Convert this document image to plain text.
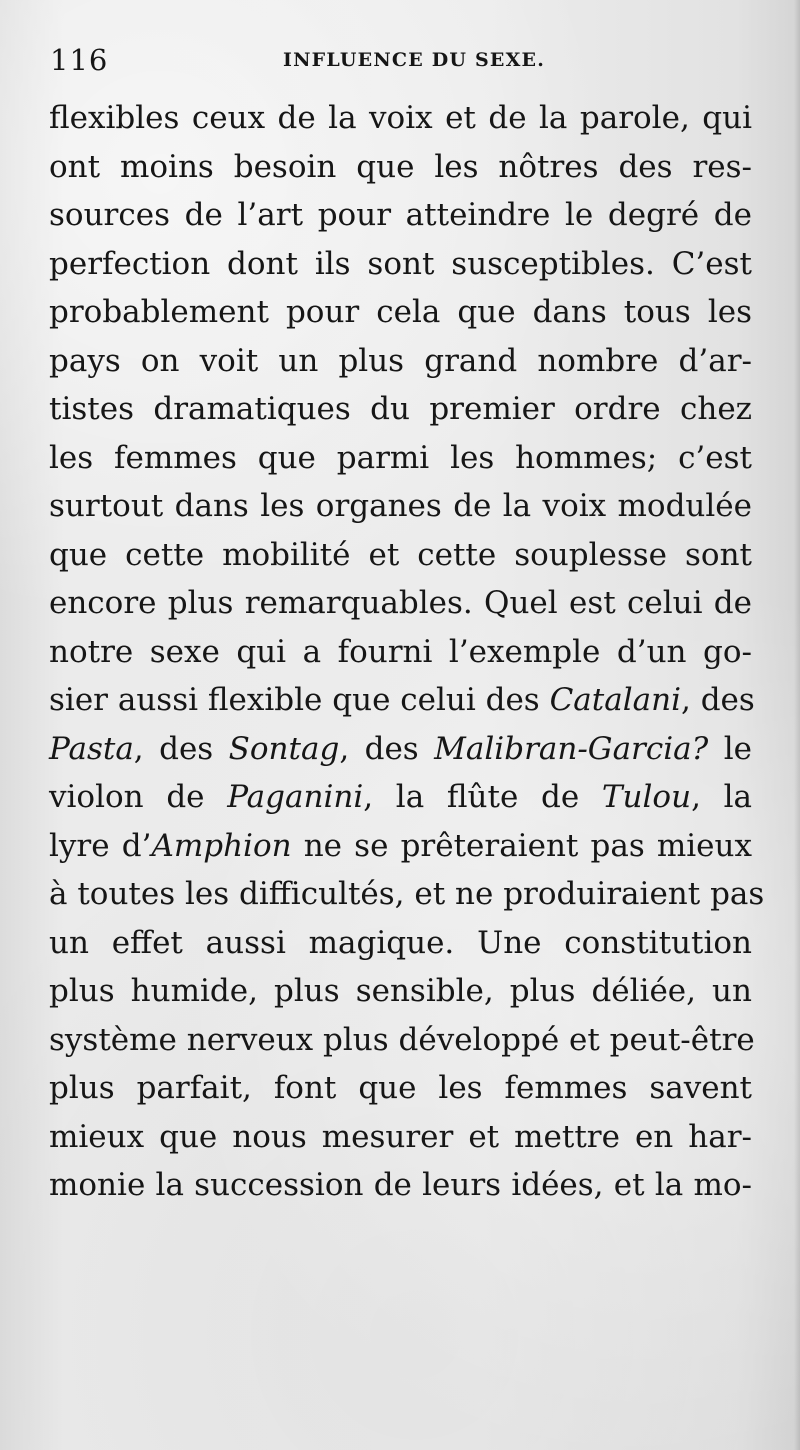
116	INFLUENCE DU SEXE.
flexibles ceux de la voix et de la parole, qui
ont moins besoin que les nôtres des res-
sources de l’art pour atteindre le degré de
perfection dont ils sont susceptibles. C’est
probablement pour cela que dans tous les
pays on voit un plus grand nombre d’ar-
tistes dramatiques du premier ordre chez
les femmes que parmi les hommes; c’est
surtout dans les organes de la voix modulée
que cette mobilité et cette souplesse sont
encore plus remarquables. Quel est celui de
notre sexe qui a fourni l’exemple d’un go-
sier aussi flexible que celui des Catalani, des
Pasta, des Sontag, des Malibran-Garcia? le
violon de Paganini, la flûte de Tulou, la
lyre d’Amphion ne se prêteraient pas mieux
à toutes les difficultés, et ne produiraient pas
un effet aussi magique. Une constitution
plus humide, plus sensible, plus déliée, un
système nerveux plus développé et peut-être
plus parfait, font que les femmes savent
mieux que nous mesurer et mettre en har-
monie la succession de leurs idées, et la mo-
